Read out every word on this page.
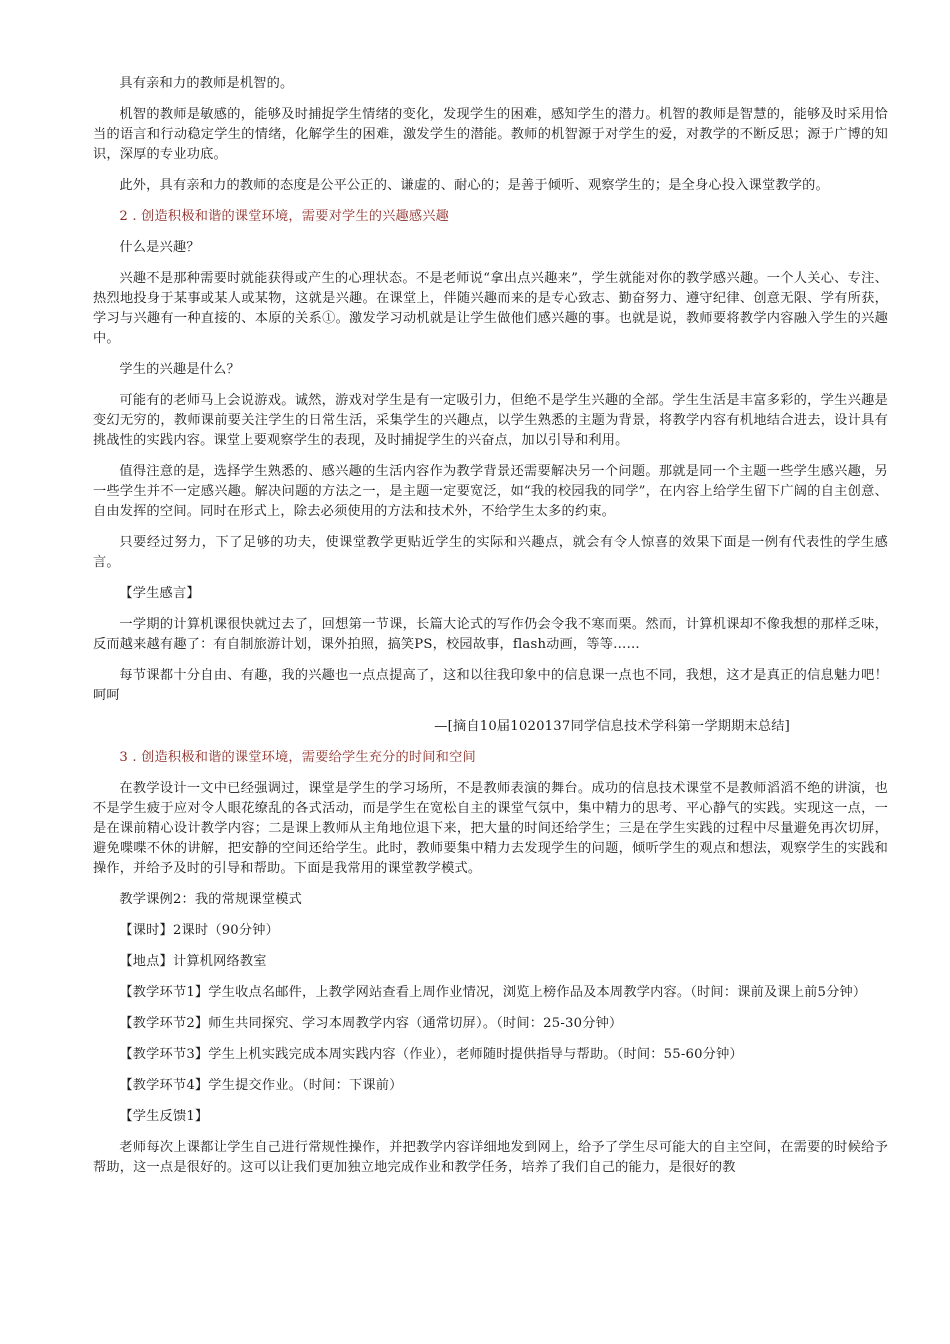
具有亲和力的教师是机智的。

机智的教师是敏感的，能够及时捕捉学生情绪的变化，发现学生的困难，感知学生的潜力。机智的教师是智慧的，能够及时采用恰当的语言和行动稳定学生的情绪，化解学生的困难，激发学生的潜能。教师的机智源于对学生的爱，对教学的不断反思；源于广博的知识，深厚的专业功底。

此外，具有亲和力的教师的态度是公平公正的、谦虚的、耐心的；是善于倾听、观察学生的；是全身心投入课堂教学的。

2 . 创造积极和谐的课堂环境，需要对学生的兴趣感兴趣

什么是兴趣？

兴趣不是那种需要时就能获得或产生的心理状态。不是老师说“拿出点兴趣来”，学生就能对你的教学感兴趣。一个人关心、专注、热烈地投身于某事或某人或某物，这就是兴趣。在课堂上，伴随兴趣而来的是专心致志、勤奋努力、遵守纪律、创意无限、学有所获，学习与兴趣有一种直接的、本原的关系①。激发学习动机就是让学生做他们感兴趣的事。也就是说，教师要将教学内容融入学生的兴趣中。

学生的兴趣是什么？

可能有的老师马上会说游戏。诚然，游戏对学生是有一定吸引力，但绝不是学生兴趣的全部。学生生活是丰富多彩的，学生兴趣是变幻无穷的，教师课前要关注学生的日常生活，采集学生的兴趣点，以学生熟悉的主题为背景，将教学内容有机地结合进去，设计具有挑战性的实践内容。课堂上要观察学生的表现，及时捕捉学生的兴奋点，加以引导和利用。

值得注意的是，选择学生熟悉的、感兴趣的生活内容作为教学背景还需要解决另一个问题。那就是同一个主题一些学生感兴趣，另一些学生并不一定感兴趣。解决问题的方法之一，是主题一定要宽泛，如“我的校园我的同学”，在内容上给学生留下广阔的自主创意、自由发挥的空间。同时在形式上，除去必须使用的方法和技术外，不给学生太多的约束。

只要经过努力，下了足够的功夫，使课堂教学更贴近学生的实际和兴趣点，就会有令人惊喜的效果下面是一例有代表性的学生感言。

【学生感言】

一学期的计算机课很快就过去了，回想第一节课，长篇大论式的写作仍会令我不寒而栗。然而，计算机课却不像我想的那样乏味，反而越来越有趣了：有自制旅游计划，课外拍照，搞笑PS，校园故事，flash动画，等等……

每节课都十分自由、有趣，我的兴趣也一点点提高了，这和以往我印象中的信息课一点也不同，我想，这才是真正的信息魅力吧！呵呵

—[摘自10届1020137同学信息技术学科第一学期期末总结]

3 . 创造积极和谐的课堂环境，需要给学生充分的时间和空间

在教学设计一文中已经强调过，课堂是学生的学习场所，不是教师表演的舞台。成功的信息技术课堂不是教师滔滔不绝的讲演，也不是学生疲于应对令人眼花缭乱的各式活动，而是学生在宽松自主的课堂气氛中，集中精力的思考、平心静气的实践。实现这一点，一是在课前精心设计教学内容；二是课上教师从主角地位退下来，把大量的时间还给学生；三是在学生实践的过程中尽量避免再次切屏，避免喋喋不休的讲解，把安静的空间还给学生。此时，教师要集中精力去发现学生的问题，倾听学生的观点和想法，观察学生的实践和操作，并给予及时的引导和帮助。下面是我常用的课堂教学模式。

教学课例2：我的常规课堂模式

【课时】2课时（90分钟）

【地点】计算机网络教室

【教学环节1】学生收点名邮件，上教学网站查看上周作业情况，浏览上榜作品及本周教学内容。（时间：课前及课上前5分钟）

【教学环节2】师生共同探究、学习本周教学内容（通常切屏）。（时间：25-30分钟）

【教学环节3】学生上机实践完成本周实践内容（作业），老师随时提供指导与帮助。（时间：55-60分钟）

【教学环节4】学生提交作业。（时间：下课前）

【学生反馈1】

老师每次上课都让学生自己进行常规性操作，并把教学内容详细地发到网上，给予了学生尽可能大的自主空间，在需要的时候给予帮助，这一点是很好的。这可以让我们更加独立地完成作业和教学任务，培养了我们自己的能力，是很好的教
